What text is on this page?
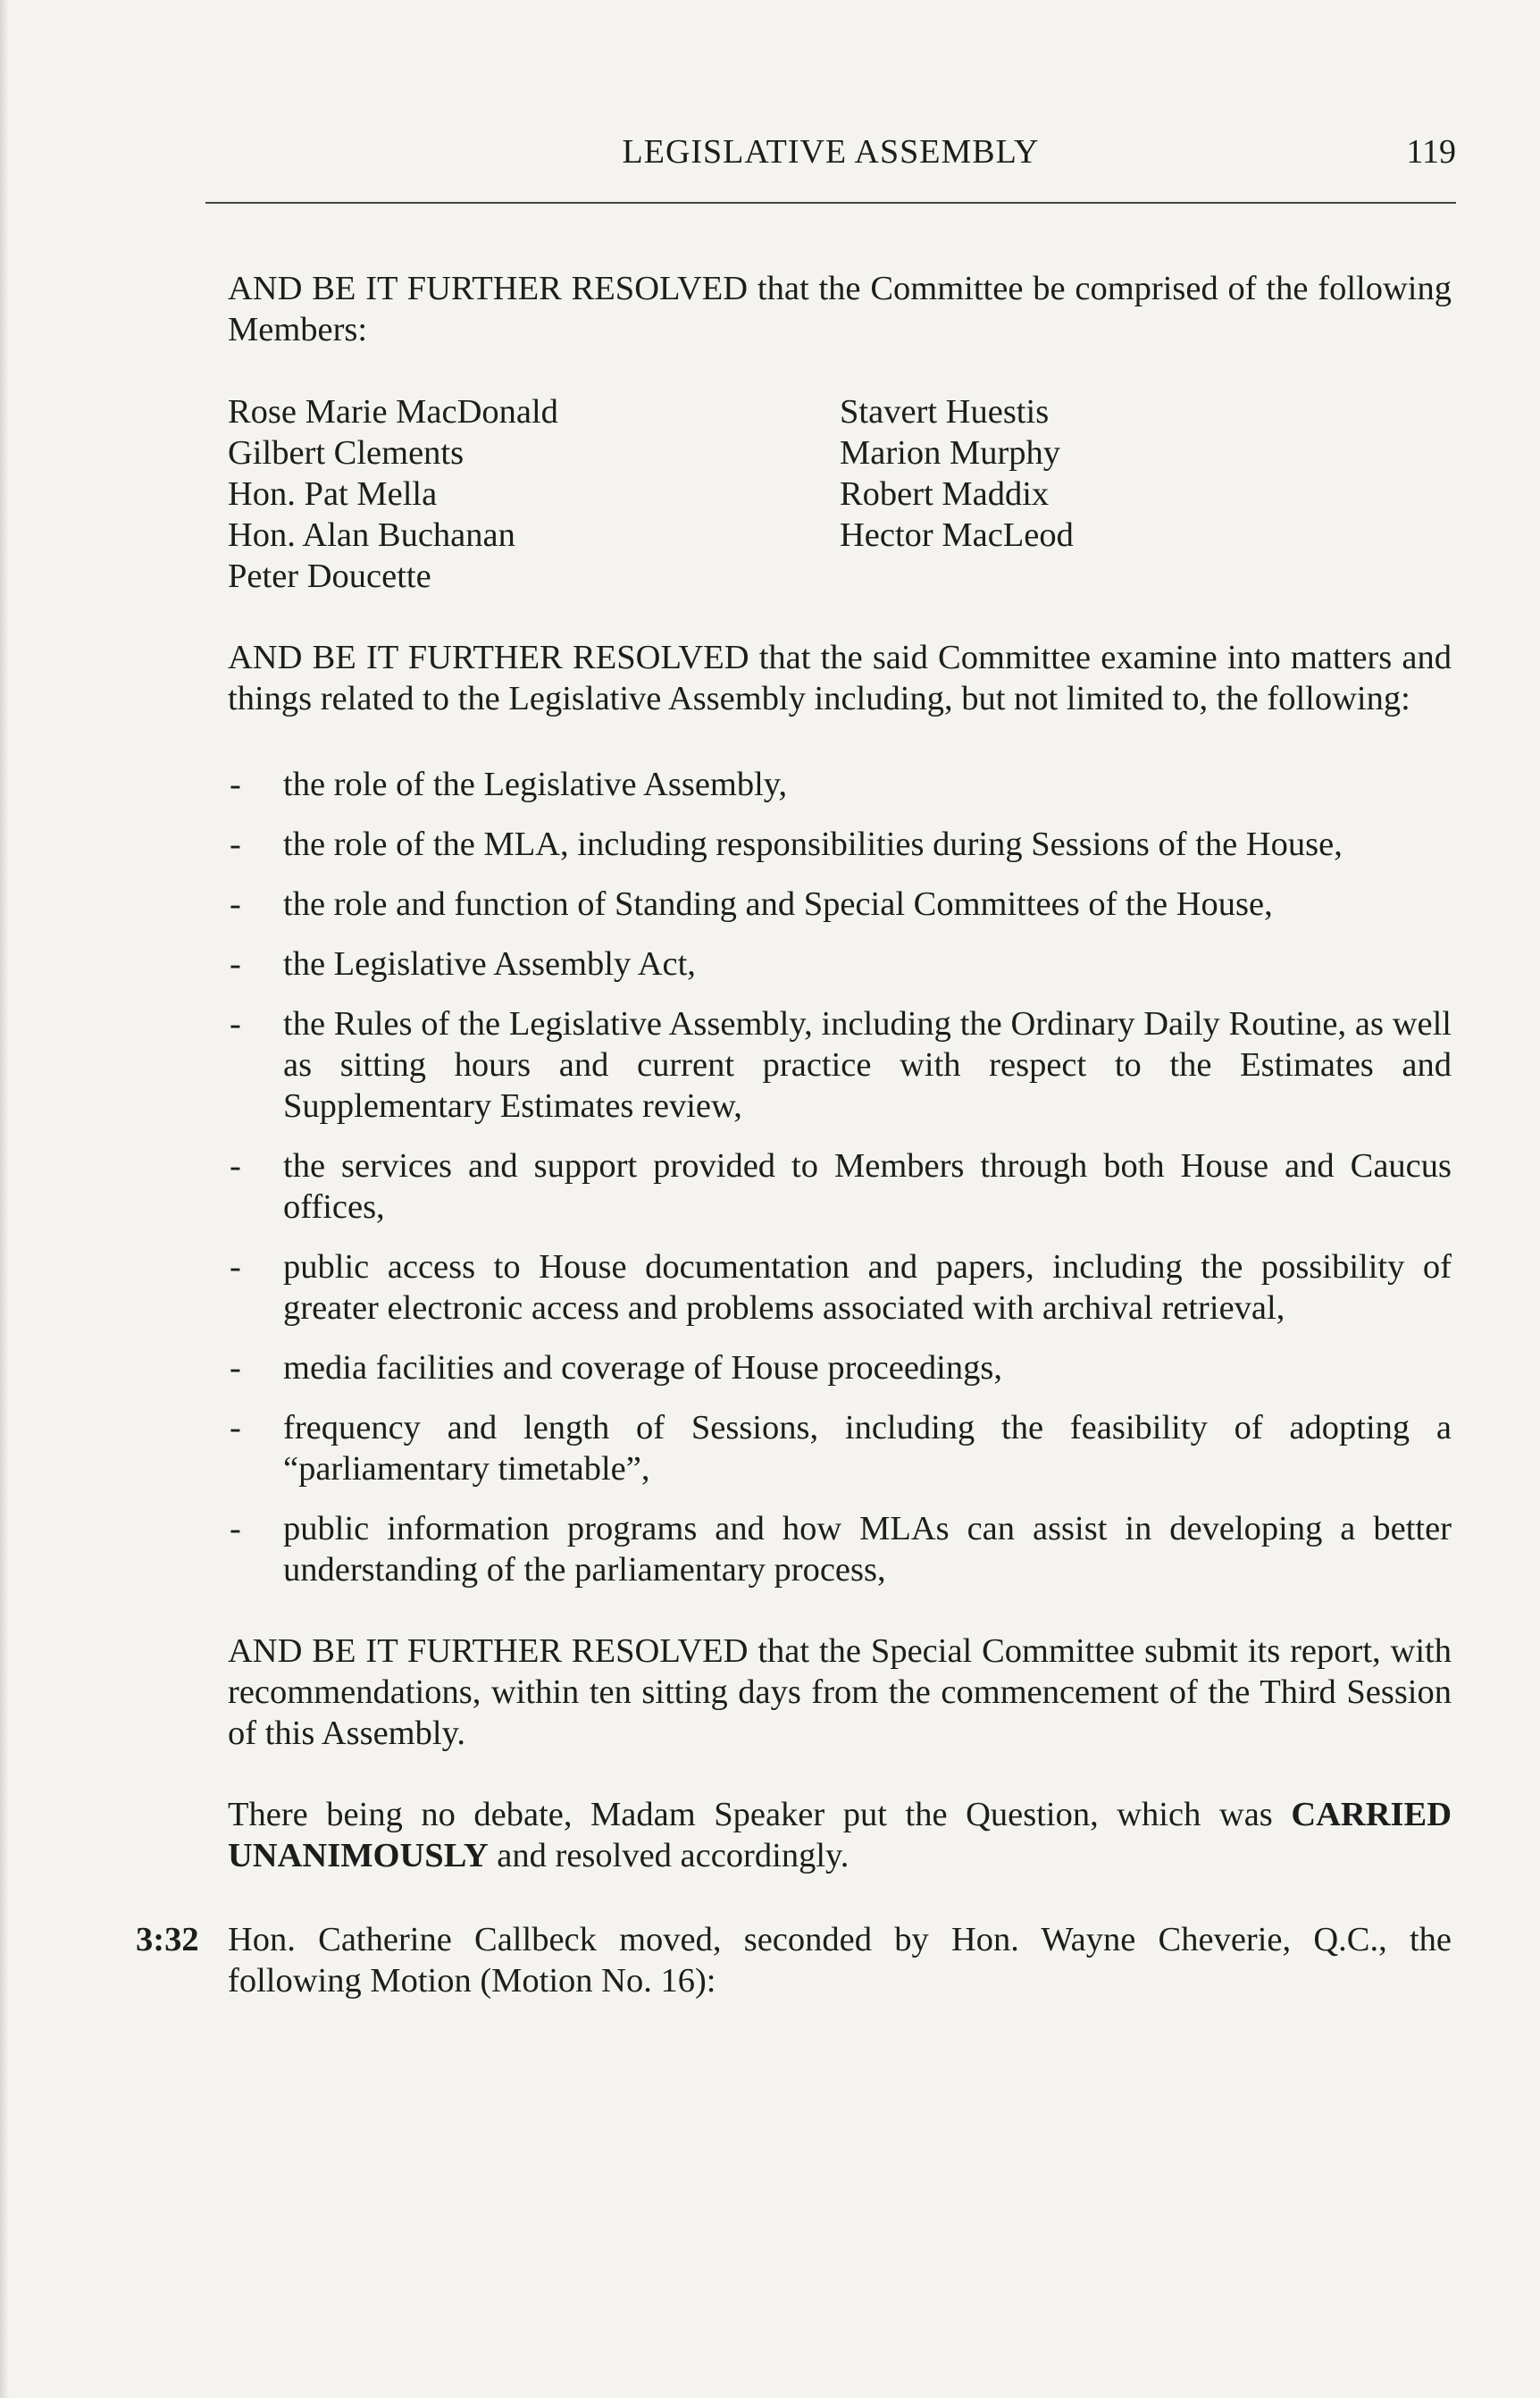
LEGISLATIVE ASSEMBLY	119

AND BE IT FURTHER RESOLVED that the Committee be comprised of the following Members:

Rose Marie MacDonald
Gilbert Clements
Hon. Pat Mella
Hon. Alan Buchanan
Peter Doucette
Stavert Huestis
Marion Murphy
Robert Maddix
Hector MacLeod

AND BE IT FURTHER RESOLVED that the said Committee examine into matters and things related to the Legislative Assembly including, but not limited to, the following:

- the role of the Legislative Assembly,
- the role of the MLA, including responsibilities during Sessions of the House,
- the role and function of Standing and Special Committees of the House,
- the Legislative Assembly Act,
- the Rules of the Legislative Assembly, including the Ordinary Daily Routine, as well as sitting hours and current practice with respect to the Estimates and Supplementary Estimates review,
- the services and support provided to Members through both House and Caucus offices,
- public access to House documentation and papers, including the possibility of greater electronic access and problems associated with archival retrieval,
- media facilities and coverage of House proceedings,
- frequency and length of Sessions, including the feasibility of adopting a “parliamentary timetable”,
- public information programs and how MLAs can assist in developing a better understanding of the parliamentary process,

AND BE IT FURTHER RESOLVED that the Special Committee submit its report, with recommendations, within ten sitting days from the commencement of the Third Session of this Assembly.

There being no debate, Madam Speaker put the Question, which was CARRIED UNANIMOUSLY and resolved accordingly.

3:32 Hon. Catherine Callbeck moved, seconded by Hon. Wayne Cheverie, Q.C., the following Motion (Motion No. 16):
